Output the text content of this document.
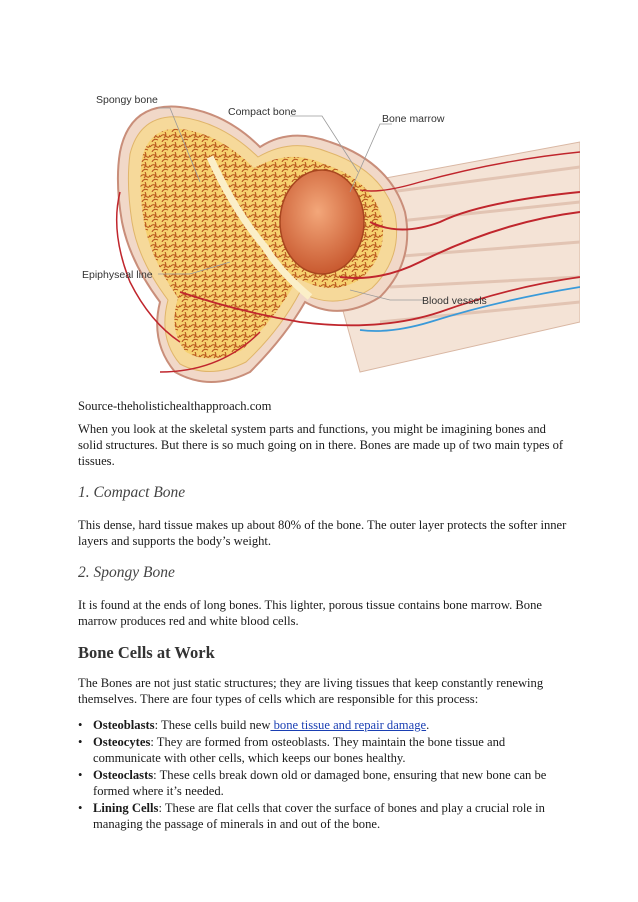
Spongy bone
Compact bone
Bone marrow
Epiphyseal line
Blood vessels

Source-theholistichealthapproach.com

When you look at the skeletal system parts and functions, you might be imagining bones and solid structures. But there is so much going on in there. Bones are made up of two main types of tissues.

1. Compact Bone

This dense, hard tissue makes up about 80% of the bone. The outer layer protects the softer inner layers and supports the body’s weight.

2. Spongy Bone

It is found at the ends of long bones. This lighter, porous tissue contains bone marrow. Bone marrow produces red and white blood cells.

Bone Cells at Work

The Bones are not just static structures; they are living tissues that keep constantly renewing themselves. There are four types of cells which are responsible for this process:

• Osteoblasts: These cells build new bone tissue and repair damage.
• Osteocytes: They are formed from osteoblasts. They maintain the bone tissue and communicate with other cells, which keeps our bones healthy.
• Osteoclasts: These cells break down old or damaged bone, ensuring that new bone can be formed where it’s needed.
• Lining Cells: These are flat cells that cover the surface of bones and play a crucial role in managing the passage of minerals in and out of the bone.
